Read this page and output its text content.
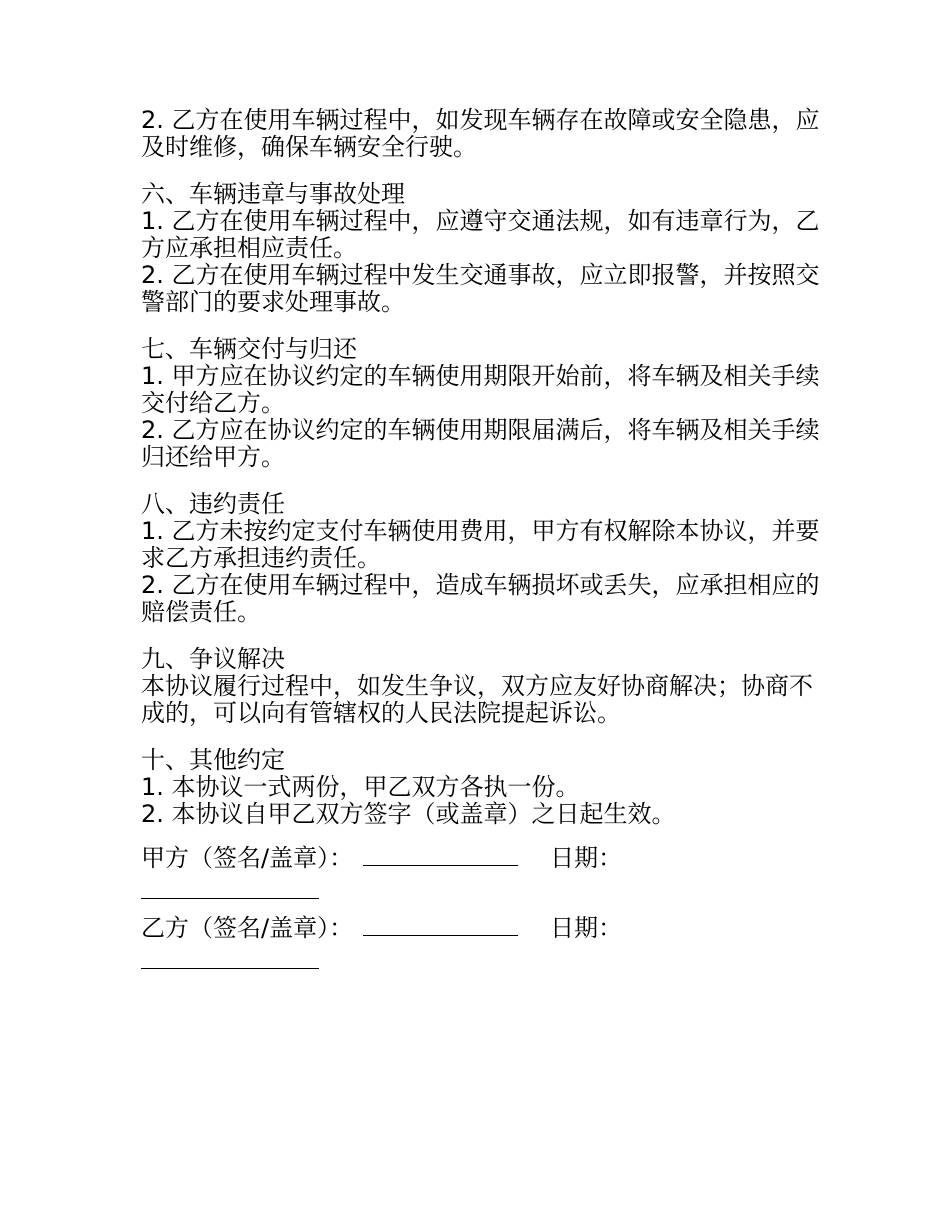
2. 乙方在使用车辆过程中，如发现车辆存在故障或安全隐患，应及时维修，确保车辆安全行驶。

六、车辆违章与事故处理

1. 乙方在使用车辆过程中，应遵守交通法规，如有违章行为，乙方应承担相应责任。

2. 乙方在使用车辆过程中发生交通事故，应立即报警，并按照交警部门的要求处理事故。

七、车辆交付与归还

1. 甲方应在协议约定的车辆使用期限开始前，将车辆及相关手续交付给乙方。

2. 乙方应在协议约定的车辆使用期限届满后，将车辆及相关手续归还给甲方。

八、违约责任

1. 乙方未按约定支付车辆使用费用，甲方有权解除本协议，并要求乙方承担违约责任。

2. 乙方在使用车辆过程中，造成车辆损坏或丢失，应承担相应的赔偿责任。

九、争议解决

本协议履行过程中，如发生争议，双方应友好协商解决；协商不成的，可以向有管辖权的人民法院提起诉讼。

十、其他约定

1. 本协议一式两份，甲乙双方各执一份。

2. 本协议自甲乙双方签字（或盖章）之日起生效。

甲方（签名/盖章）：	日期：
乙方（签名/盖章）：	日期：
